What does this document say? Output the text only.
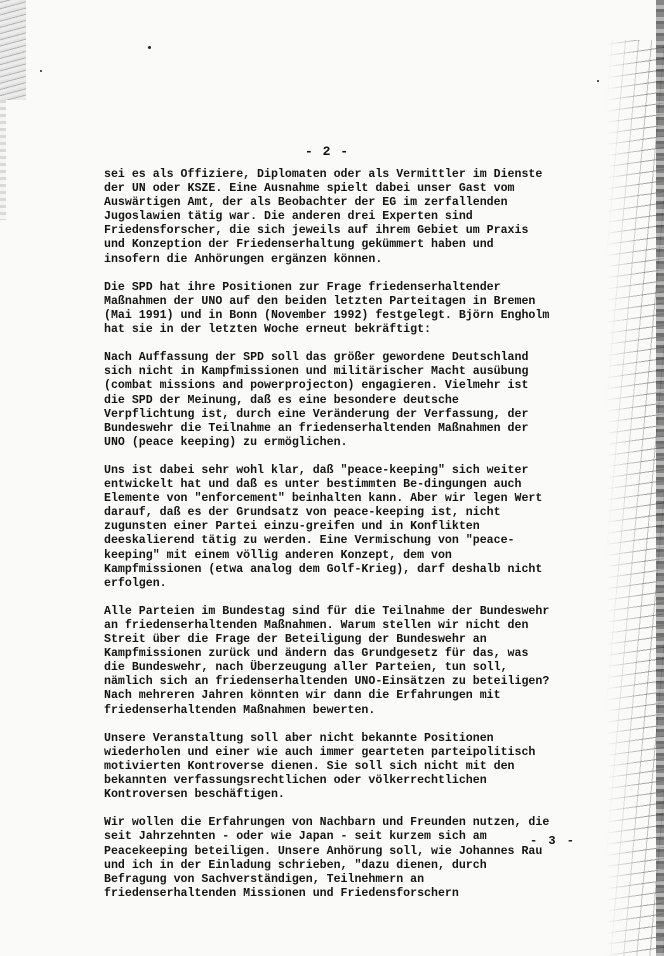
- 2 -
sei es als Offiziere, Diplomaten oder als Vermittler im Dienste
der UN oder KSZE. Eine Ausnahme spielt dabei unser Gast vom
Auswärtigen Amt, der als Beobachter der EG im zerfallenden
Jugoslawien tätig war. Die anderen drei Experten sind
Friedensforscher, die sich jeweils auf ihrem Gebiet um Praxis
und Konzeption der Friedenserhaltung gekümmert haben und
insofern die Anhörungen ergänzen können.
Die SPD hat ihre Positionen zur Frage friedenserhaltender
Maßnahmen der UNO auf den beiden letzten Parteitagen in Bremen
(Mai 1991) und in Bonn (November 1992) festgelegt. Björn Engholm
hat sie in der letzten Woche erneut bekräftigt:
Nach Auffassung der SPD soll das größer gewordene Deutschland
sich nicht in Kampfmissionen und militärischer Macht ausübung
(combat missions and powerprojecton) engagieren. Vielmehr ist
die SPD der Meinung, daß es eine besondere deutsche
Verpflichtung ist, durch eine Veränderung der Verfassung, der
Bundeswehr die Teilnahme an friedenserhaltenden Maßnahmen der
UNO (peace keeping) zu ermöglichen.
Uns ist dabei sehr wohl klar, daß "peace-keeping" sich weiter
entwickelt hat und daß es unter bestimmten Be-dingungen auch
Elemente von "enforcement" beinhalten kann. Aber wir legen Wert
darauf, daß es der Grundsatz von peace-keeping ist, nicht
zugunsten einer Partei einzu-greifen und in Konflikten
deeskalierend tätig zu werden. Eine Vermischung von "peace-
keeping" mit einem völlig anderen Konzept, dem von
Kampfmissionen (etwa analog dem Golf-Krieg), darf deshalb nicht
erfolgen.
Alle Parteien im Bundestag sind für die Teilnahme der Bundeswehr
an friedenserhaltenden Maßnahmen. Warum stellen wir nicht den
Streit über die Frage der Beteiligung der Bundeswehr an
Kampfmissionen zurück und ändern das Grundgesetz für das, was
die Bundeswehr, nach Überzeugung aller Parteien, tun soll,
nämlich sich an friedenserhaltenden UNO-Einsätzen zu beteiligen?
Nach mehreren Jahren könnten wir dann die Erfahrungen mit
friedenserhaltenden Maßnahmen bewerten.
Unsere Veranstaltung soll aber nicht bekannte Positionen
wiederholen und einer wie auch immer gearteten parteipolitisch
motivierten Kontroverse dienen. Sie soll sich nicht mit den
bekannten verfassungsrechtlichen oder völkerrechtlichen
Kontroversen beschäftigen.
Wir wollen die Erfahrungen von Nachbarn und Freunden nutzen, die
seit Jahrzehnten - oder wie Japan - seit kurzem sich am
Peacekeeping beteiligen. Unsere Anhörung soll, wie Johannes Rau
und ich in der Einladung schrieben, "dazu dienen, durch
Befragung von Sachverständigen, Teilnehmern an
friedenserhaltenden Missionen und Friedensforschern
- 3 -
